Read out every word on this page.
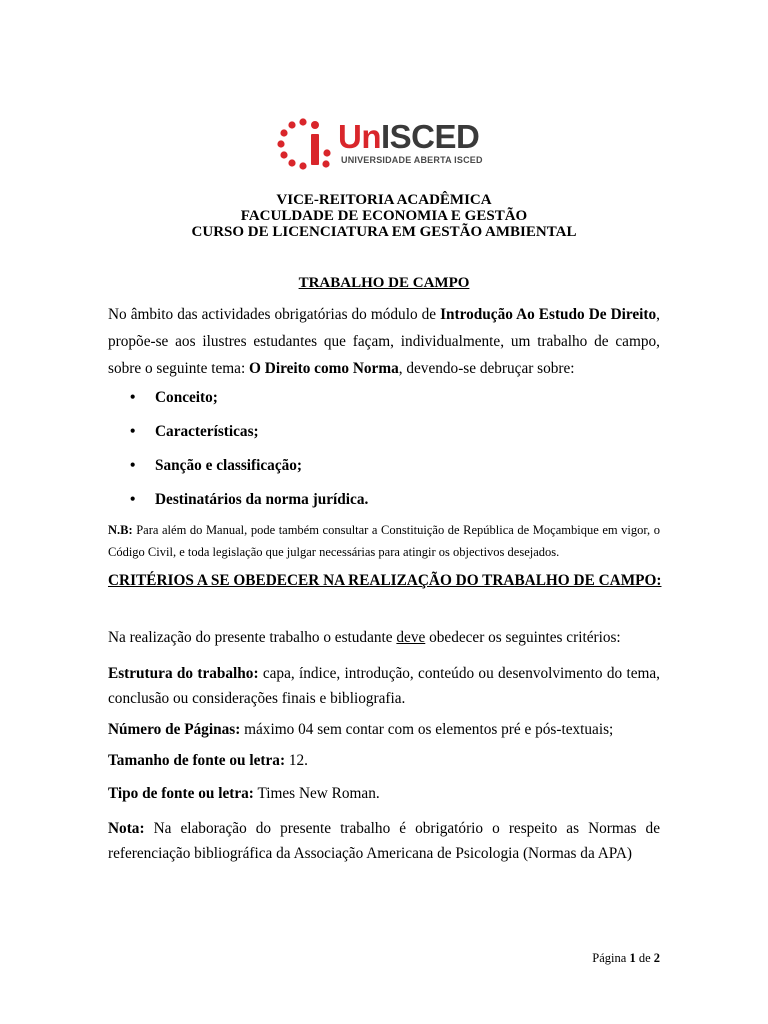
UnISCED
UNIVERSIDADE ABERTA ISCED
VICE-REITORIA ACADÊMICA
FACULDADE DE ECONOMIA E GESTÃO
CURSO DE LICENCIATURA EM GESTÃO AMBIENTAL
TRABALHO DE CAMPO

No âmbito das actividades obrigatórias do módulo de Introdução Ao Estudo De Direito, propõe-se aos ilustres estudantes que façam, individualmente, um trabalho de campo, sobre o seguinte tema: O Direito como Norma, devendo-se debruçar sobre:

• Conceito;
• Características;
• Sanção e classificação;
• Destinatários da norma jurídica.

N.B: Para além do Manual, pode também consultar a Constituição de República de Moçambique em vigor, o Código Civil, e toda legislação que julgar necessárias para atingir os objectivos desejados.

CRITÉRIOS A SE OBEDECER NA REALIZAÇÃO DO TRABALHO DE CAMPO:

Na realização do presente trabalho o estudante deve obedecer os seguintes critérios:

Estrutura do trabalho: capa, índice, introdução, conteúdo ou desenvolvimento do tema, conclusão ou considerações finais e bibliografia.

Número de Páginas: máximo 04 sem contar com os elementos pré e pós-textuais;

Tamanho de fonte ou letra: 12.

Tipo de fonte ou letra: Times New Roman.

Nota: Na elaboração do presente trabalho é obrigatório o respeito as Normas de referenciação bibliográfica da Associação Americana de Psicologia (Normas da APA)

Página 1 de 2
